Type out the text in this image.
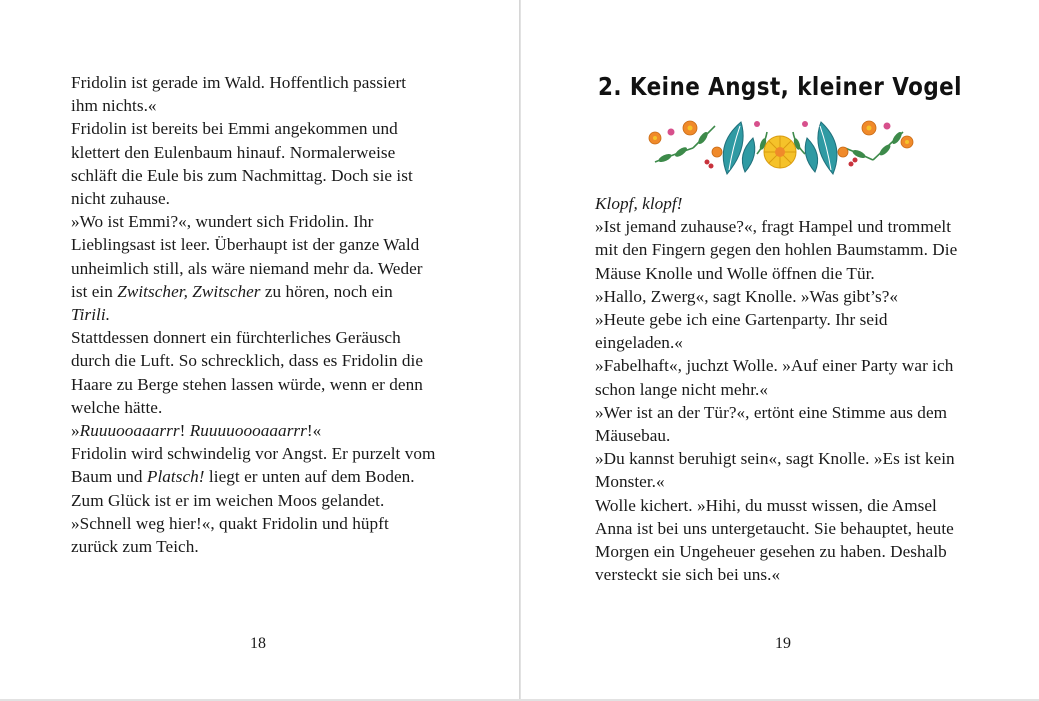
Fridolin ist gerade im Wald. Hoffentlich passiert
ihm nichts.«
Fridolin ist bereits bei Emmi angekommen und
klettert den Eulenbaum hinauf. Normalerweise
schläft die Eule bis zum Nachmittag. Doch sie ist
nicht zuhause.
»Wo ist Emmi?«, wundert sich Fridolin. Ihr
Lieblingsast ist leer. Überhaupt ist der ganze Wald
unheimlich still, als wäre niemand mehr da. Weder
ist ein Zwitscher, Zwitscher zu hören, noch ein
Tirili.
Stattdessen donnert ein fürchterliches Geräusch
durch die Luft. So schrecklich, dass es Fridolin die
Haare zu Berge stehen lassen würde, wenn er denn
welche hätte.
»Ruuuooaaarrr! Ruuuuoooaaarrr!«
Fridolin wird schwindelig vor Angst. Er purzelt vom
Baum und Platsch! liegt er unten auf dem Boden.
Zum Glück ist er im weichen Moos gelandet.
»Schnell weg hier!«, quakt Fridolin und hüpft
zurück zum Teich.
18
2. Keine Angst, kleiner Vogel
Klopf, klopf!
»Ist jemand zuhause?«, fragt Hampel und trommelt
mit den Fingern gegen den hohlen Baumstamm. Die
Mäuse Knolle und Wolle öffnen die Tür.
»Hallo, Zwerg«, sagt Knolle. »Was gibt’s?«
»Heute gebe ich eine Gartenparty. Ihr seid
eingeladen.«
»Fabelhaft«, juchzt Wolle. »Auf einer Party war ich
schon lange nicht mehr.«
»Wer ist an der Tür?«, ertönt eine Stimme aus dem
Mäusebau.
»Du kannst beruhigt sein«, sagt Knolle. »Es ist kein
Monster.«
Wolle kichert. »Hihi, du musst wissen, die Amsel
Anna ist bei uns untergetaucht. Sie behauptet, heute
Morgen ein Ungeheuer gesehen zu haben. Deshalb
versteckt sie sich bei uns.«
19
